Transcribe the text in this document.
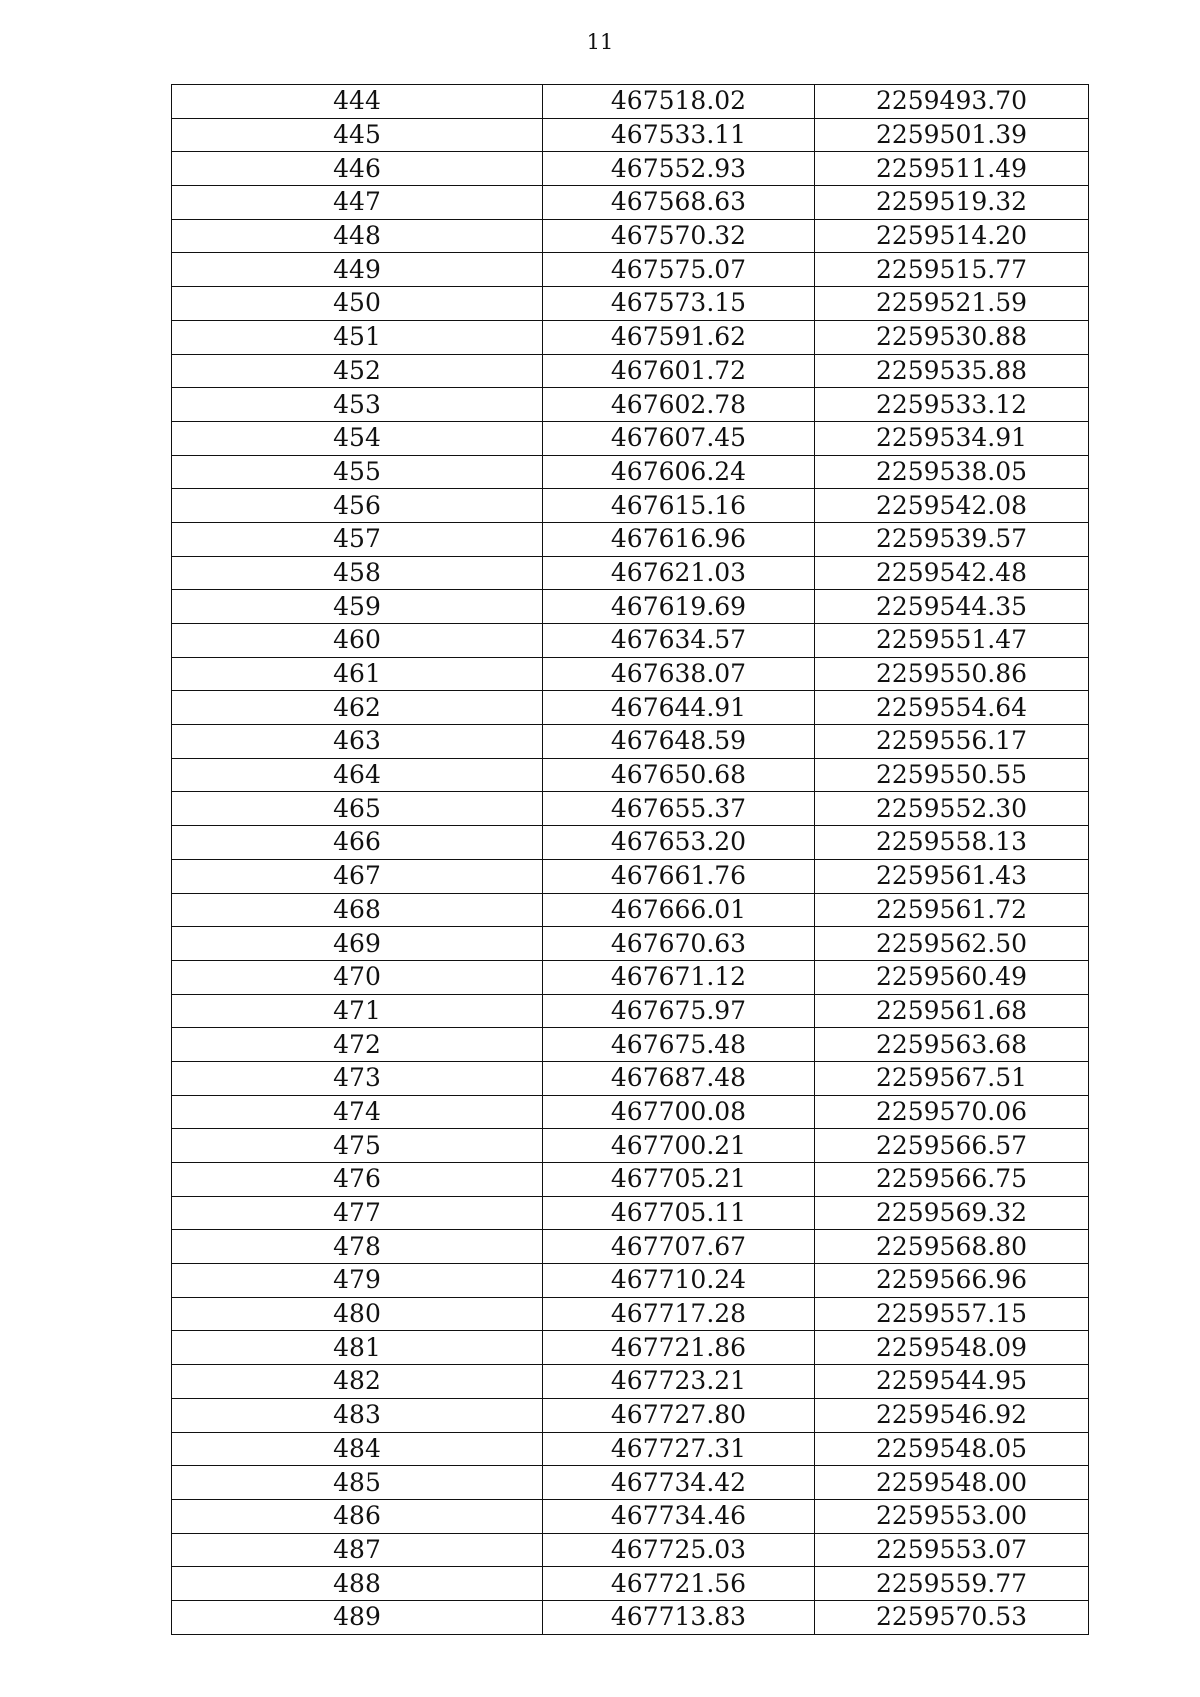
11
444	467518.02	2259493.70
445	467533.11	2259501.39
446	467552.93	2259511.49
447	467568.63	2259519.32
448	467570.32	2259514.20
449	467575.07	2259515.77
450	467573.15	2259521.59
451	467591.62	2259530.88
452	467601.72	2259535.88
453	467602.78	2259533.12
454	467607.45	2259534.91
455	467606.24	2259538.05
456	467615.16	2259542.08
457	467616.96	2259539.57
458	467621.03	2259542.48
459	467619.69	2259544.35
460	467634.57	2259551.47
461	467638.07	2259550.86
462	467644.91	2259554.64
463	467648.59	2259556.17
464	467650.68	2259550.55
465	467655.37	2259552.30
466	467653.20	2259558.13
467	467661.76	2259561.43
468	467666.01	2259561.72
469	467670.63	2259562.50
470	467671.12	2259560.49
471	467675.97	2259561.68
472	467675.48	2259563.68
473	467687.48	2259567.51
474	467700.08	2259570.06
475	467700.21	2259566.57
476	467705.21	2259566.75
477	467705.11	2259569.32
478	467707.67	2259568.80
479	467710.24	2259566.96
480	467717.28	2259557.15
481	467721.86	2259548.09
482	467723.21	2259544.95
483	467727.80	2259546.92
484	467727.31	2259548.05
485	467734.42	2259548.00
486	467734.46	2259553.00
487	467725.03	2259553.07
488	467721.56	2259559.77
489	467713.83	2259570.53
